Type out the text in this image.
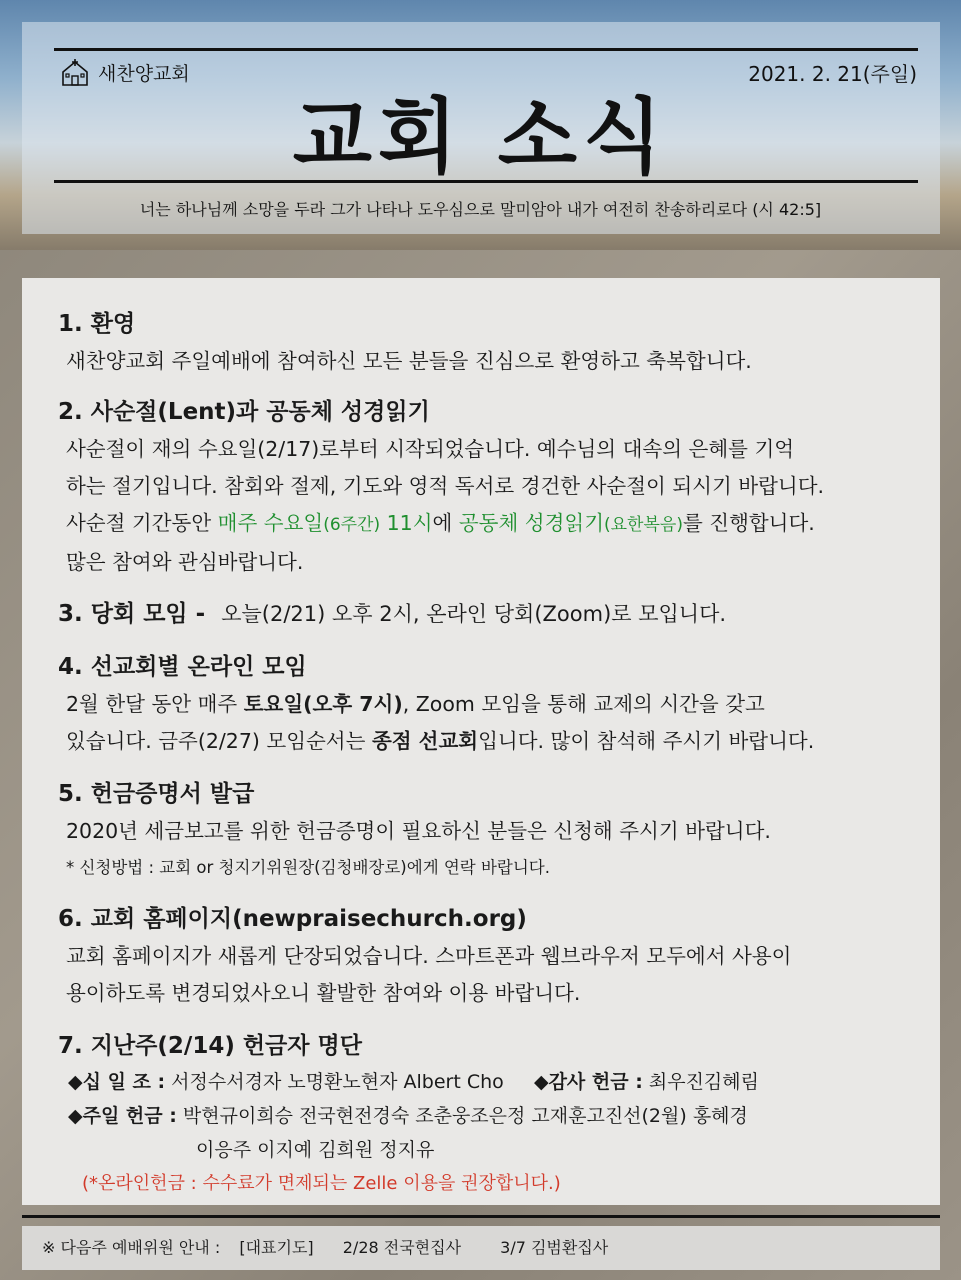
새찬양교회	2021. 2. 21(주일)
교회 소식
너는 하나님께 소망을 두라 그가 나타나 도우심으로 말미암아 내가 여전히 찬송하리로다 (시 42:5]
1. 환영
새찬양교회 주일예배에 참여하신 모든 분들을 진심으로 환영하고 축복합니다.
2. 사순절(Lent)과 공동체 성경읽기
사순절이 재의 수요일(2/17)로부터 시작되었습니다. 예수님의 대속의 은혜를 기억
하는 절기입니다. 참회와 절제, 기도와 영적 독서로 경건한 사순절이 되시기 바랍니다.
사순절 기간동안 매주 수요일(6주간) 11시에 공동체 성경읽기(요한복음)를 진행합니다.
많은 참여와 관심바랍니다.
3. 당회 모임 - 오늘(2/21) 오후 2시, 온라인 당회(Zoom)로 모입니다.
4. 선교회별 온라인 모임
2월 한달 동안 매주 토요일(오후 7시), Zoom 모임을 통해 교제의 시간을 갖고
있습니다. 금주(2/27) 모임순서는 종점 선교회입니다. 많이 참석해 주시기 바랍니다.
5. 헌금증명서 발급
2020년 세금보고를 위한 헌금증명이 필요하신 분들은 신청해 주시기 바랍니다.
* 신청방법 : 교회 or 청지기위원장(김청배장로)에게 연락 바랍니다.
6. 교회 홈페이지(newpraisechurch.org)
교회 홈페이지가 새롭게 단장되었습니다. 스마트폰과 웹브라우저 모두에서 사용이
용이하도록 변경되었사오니 활발한 참여와 이용 바랍니다.
7. 지난주(2/14) 헌금자 명단
◆십 일 조 : 서정수서경자 노명환노현자 Albert Cho ◆감사 헌금 : 최우진김혜림
◆주일 헌금 : 박현규이희승 전국현전경숙 조춘웅조은정 고재훈고진선(2월) 홍혜경
이응주 이지예 김희원 정지유
(*온라인헌금 : 수수료가 면제되는 Zelle 이용을 권장합니다.)
※ 다음주 예배위원 안내 : [대표기도] 2/28 전국현집사 3/7 김범환집사
